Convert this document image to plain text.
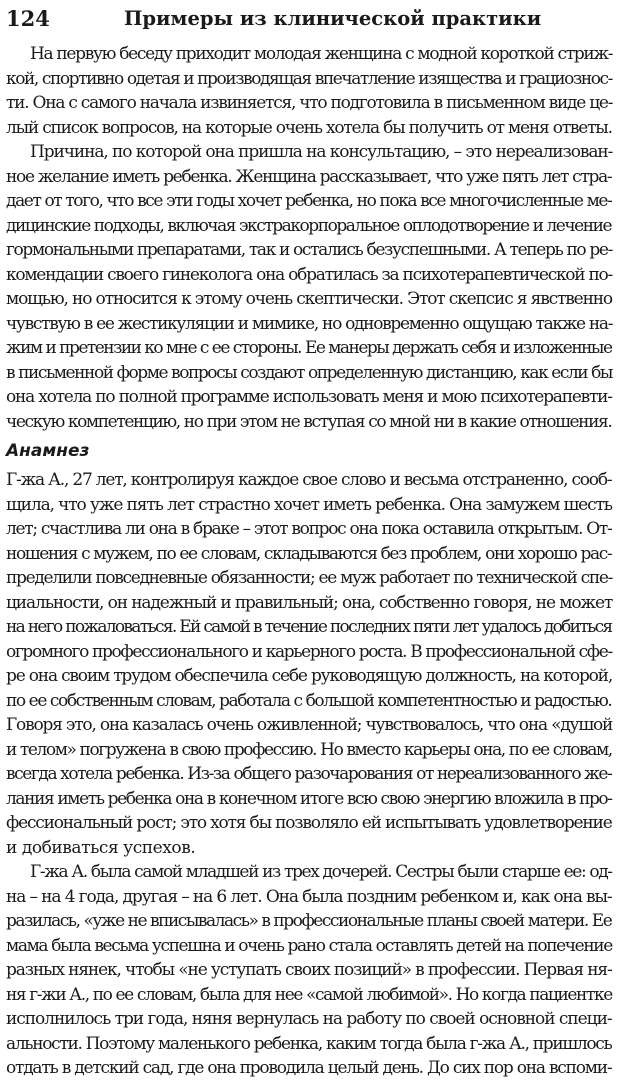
124	Примеры из клинической практики
На первую беседу приходит молодая женщина с модной короткой стриж-
кой, спортивно одетая и производящая впечатление изящества и грациознос-
ти. Она с самого начала извиняется, что подготовила в письменном виде це-
лый список вопросов, на которые очень хотела бы получить от меня ответы.
Причина, по которой она пришла на консультацию, – это нереализован-
ное желание иметь ребенка. Женщина рассказывает, что уже пять лет стра-
дает от того, что все эти годы хочет ребенка, но пока все многочисленные ме-
дицинские подходы, включая экстракорпоральное оплодотворение и лечение
гормональными препаратами, так и остались безуспешными. А теперь по ре-
комендации своего гинеколога она обратилась за психотерапевтической по-
мощью, но относится к этому очень скептически. Этот скепсис я явственно
чувствую в ее жестикуляции и мимике, но одновременно ощущаю также на-
жим и претензии ко мне с ее стороны. Ее манеры держать себя и изложенные
в письменной форме вопросы создают определенную дистанцию, как если бы
она хотела по полной программе использовать меня и мою психотерапевти-
ческую компетенцию, но при этом не вступая со мной ни в какие отношения.
Анамнез
Г-жа А., 27 лет, контролируя каждое свое слово и весьма отстраненно, сооб-
щила, что уже пять лет страстно хочет иметь ребенка. Она замужем шесть
лет; счастлива ли она в браке – этот вопрос она пока оставила открытым. От-
ношения с мужем, по ее словам, складываются без проблем, они хорошо рас-
пределили повседневные обязанности; ее муж работает по технической спе-
циальности, он надежный и правильный; она, собственно говоря, не может
на него пожаловаться. Ей самой в течение последних пяти лет удалось добиться
огромного профессионального и карьерного роста. В профессиональной сфе-
ре она своим трудом обеспечила себе руководящую должность, на которой,
по ее собственным словам, работала с большой компетентностью и радостью.
Говоря это, она казалась очень оживленной; чувствовалось, что она «душой
и телом» погружена в свою профессию. Но вместо карьеры она, по ее словам,
всегда хотела ребенка. Из-за общего разочарования от нереализованного же-
лания иметь ребенка она в конечном итоге всю свою энергию вложила в про-
фессиональный рост; это хотя бы позволяло ей испытывать удовлетворение
и добиваться успехов.
Г-жа А. была самой младшей из трех дочерей. Сестры были старше ее: од-
на – на 4 года, другая – на 6 лет. Она была поздним ребенком и, как она вы-
разилась, «уже не вписывалась» в профессиональные планы своей матери. Ее
мама была весьма успешна и очень рано стала оставлять детей на попечение
разных нянек, чтобы «не уступать своих позиций» в профессии. Первая ня-
ня г-жи А., по ее словам, была для нее «самой любимой». Но когда пациентке
исполнилось три года, няня вернулась на работу по своей основной специ-
альности. Поэтому маленького ребенка, каким тогда была г-жа А., пришлось
отдать в детский сад, где она проводила целый день. До сих пор она вспоми-
